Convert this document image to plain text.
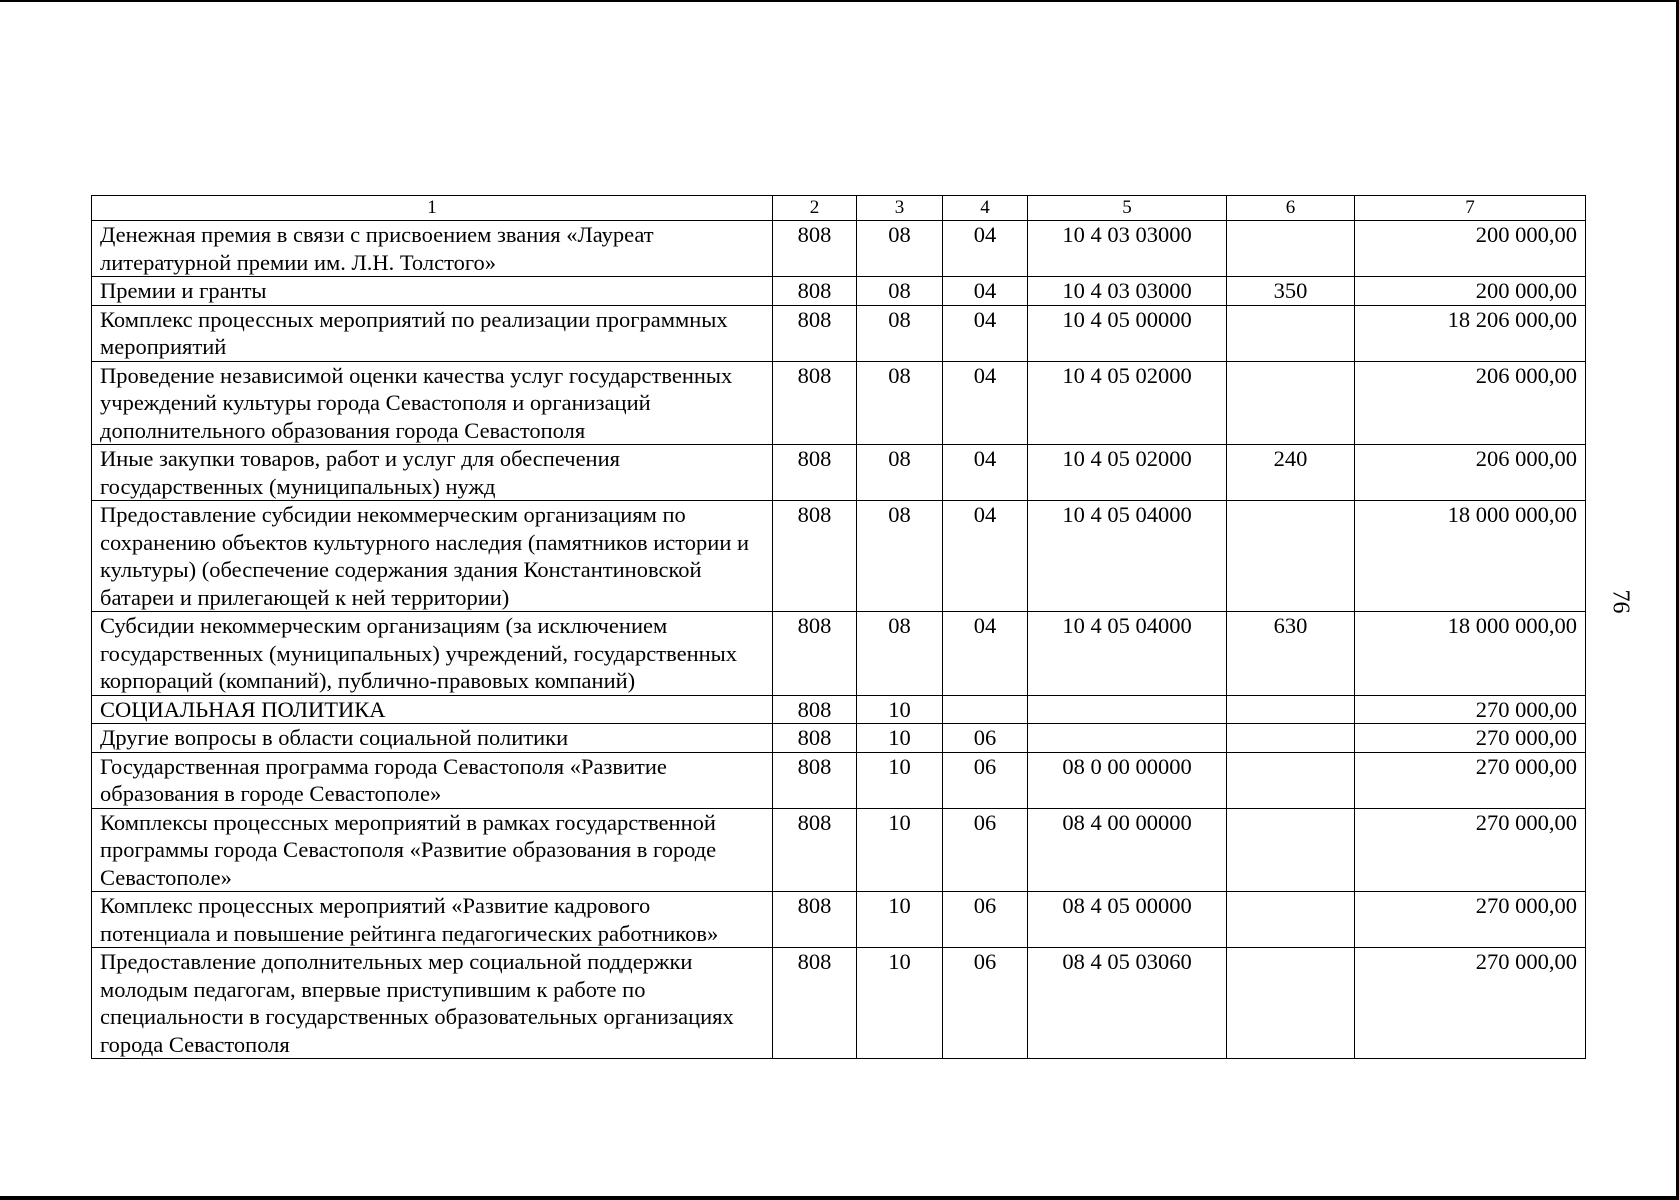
76
1	2	3	4	5	6	7
Денежная премия в связи с присвоением звания «Лауреат литературной премии им. Л.Н. Толстого»	808	08	04	10 4 03 03000		200 000,00
Премии и гранты	808	08	04	10 4 03 03000	350	200 000,00
Комплекс процессных мероприятий по реализации программных мероприятий	808	08	04	10 4 05 00000		18 206 000,00
Проведение независимой оценки качества услуг государственных учреждений культуры города Севастополя и организаций дополнительного образования города Севастополя	808	08	04	10 4 05 02000		206 000,00
Иные закупки товаров, работ и услуг для обеспечения государственных (муниципальных) нужд	808	08	04	10 4 05 02000	240	206 000,00
Предоставление субсидии некоммерческим организациям по сохранению объектов культурного наследия (памятников истории и культуры) (обеспечение содержания здания Константиновской батареи и прилегающей к ней территории)	808	08	04	10 4 05 04000		18 000 000,00
Субсидии некоммерческим организациям (за исключением государственных (муниципальных) учреждений, государственных корпораций (компаний), публично-правовых компаний)	808	08	04	10 4 05 04000	630	18 000 000,00
СОЦИАЛЬНАЯ ПОЛИТИКА	808	10				270 000,00
Другие вопросы в области социальной политики	808	10	06			270 000,00
Государственная программа города Севастополя «Развитие образования в городе Севастополе»	808	10	06	08 0 00 00000		270 000,00
Комплексы процессных мероприятий в рамках государственной программы города Севастополя «Развитие образования в городе Севастополе»	808	10	06	08 4 00 00000		270 000,00
Комплекс процессных мероприятий «Развитие кадрового потенциала и повышение рейтинга педагогических работников»	808	10	06	08 4 05 00000		270 000,00
Предоставление дополнительных мер социальной поддержки молодым педагогам, впервые приступившим к работе по специальности в государственных образовательных организациях города Севастополя	808	10	06	08 4 05 03060		270 000,00
